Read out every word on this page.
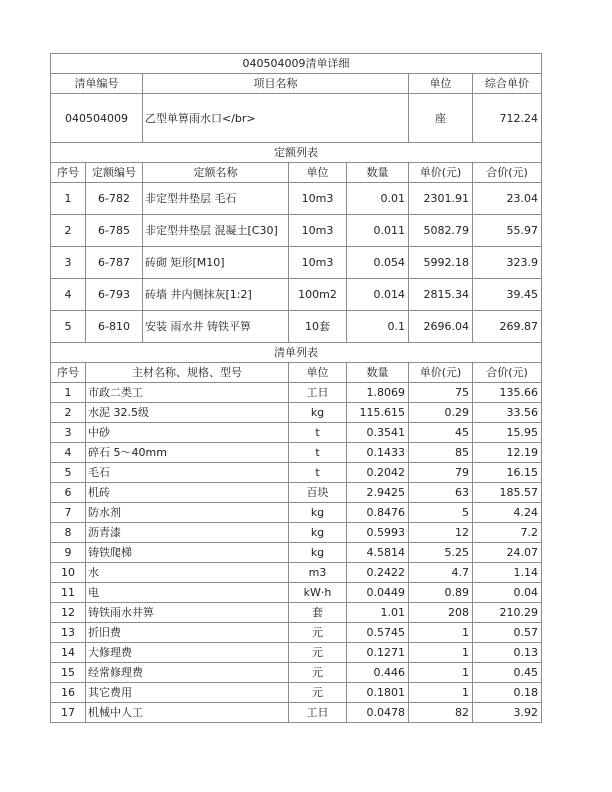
040504009清单详细						
清单编号		项目名称			单位	综合单价
040504009		乙型单箅雨水口</br>			座	712.24
定额列表						
序号	定额编号	定额名称	单位	数量	单价(元)	合价(元)
1	6-782	非定型井垫层 毛石	10m3	0.01	2301.91	23.04
2	6-785	非定型井垫层 混凝土[C30]	10m3	0.011	5082.79	55.97
3	6-787	砖砌 矩形[M10]	10m3	0.054	5992.18	323.9
4	6-793	砖墙 井内侧抹灰[1:2]	100m2	0.014	2815.34	39.45
5	6-810	安装 雨水井 铸铁平箅	10套	0.1	2696.04	269.87
清单列表						
序号	主材名称、规格、型号		单位	数量	单价(元)	合价(元)
1	市政二类工		工日	1.8069	75	135.66
2	水泥 32.5级		kg	115.615	0.29	33.56
3	中砂		t	0.3541	45	15.95
4	碎石 5～40mm		t	0.1433	85	12.19
5	毛石		t	0.2042	79	16.15
6	机砖		百块	2.9425	63	185.57
7	防水剂		kg	0.8476	5	4.24
8	沥青漆		kg	0.5993	12	7.2
9	铸铁爬梯		kg	4.5814	5.25	24.07
10	水		m3	0.2422	4.7	1.14
11	电		kW·h	0.0449	0.89	0.04
12	铸铁雨水井箅		套	1.01	208	210.29
13	折旧费		元	0.5745	1	0.57
14	大修理费		元	0.1271	1	0.13
15	经常修理费		元	0.446	1	0.45
16	其它费用		元	0.1801	1	0.18
17	机械中人工		工日	0.0478	82	3.92
